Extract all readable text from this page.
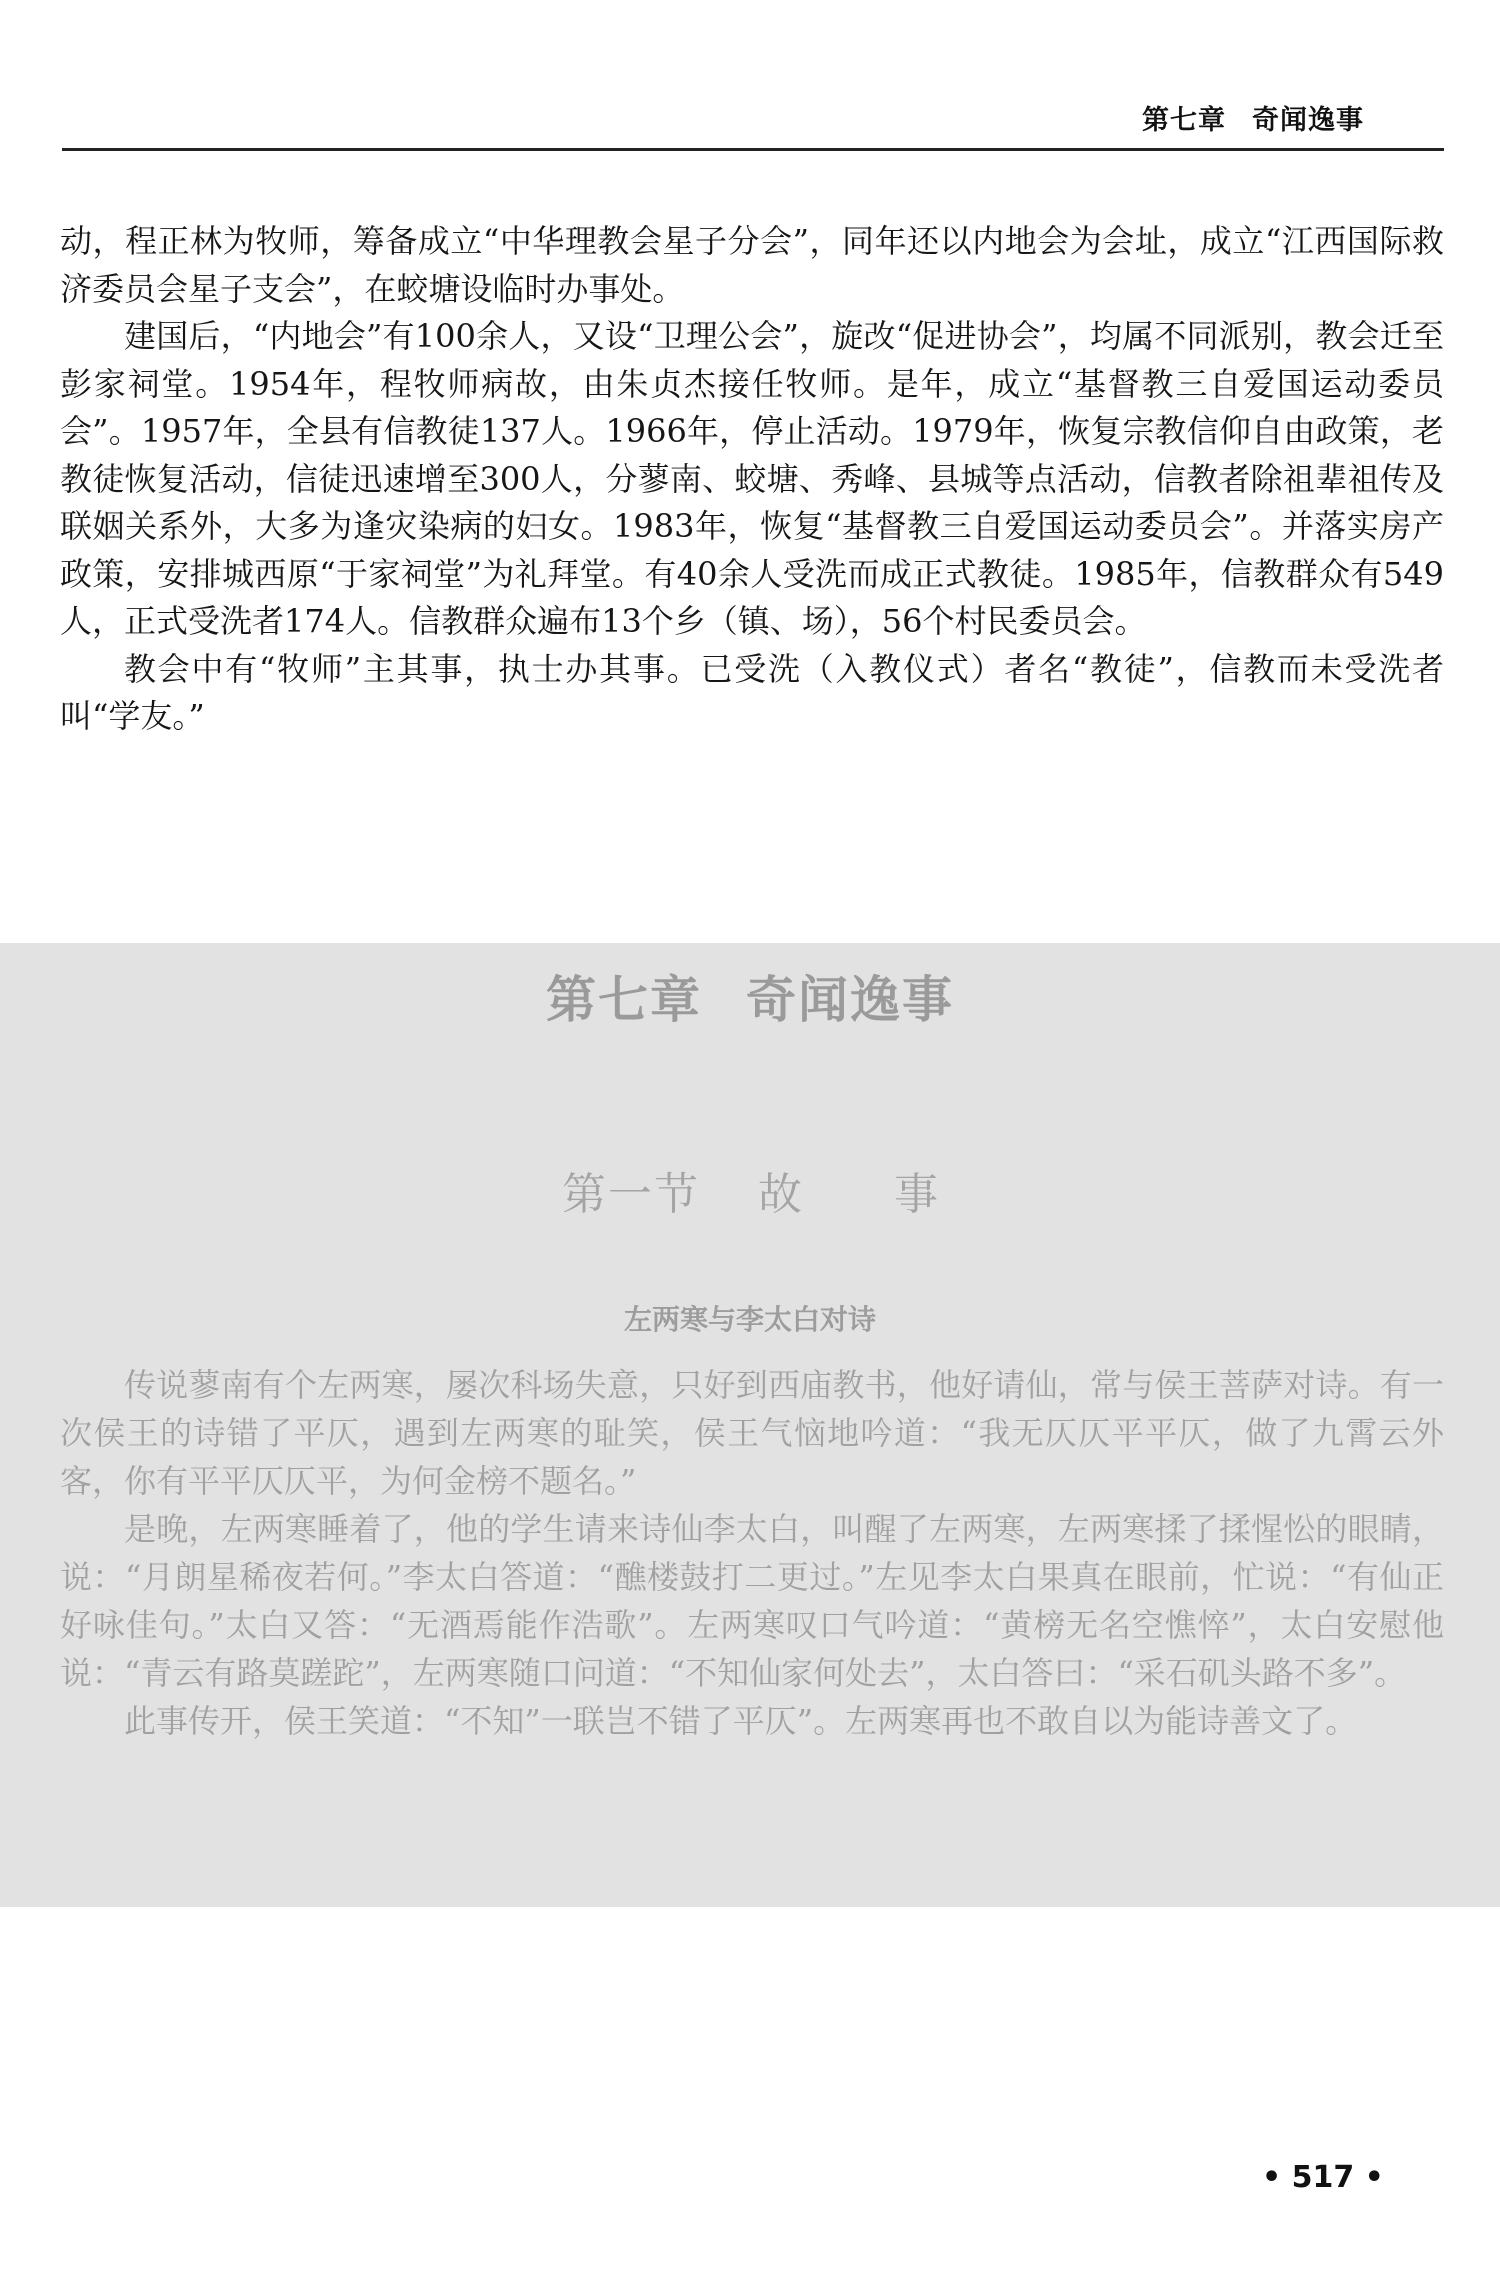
第七章 奇闻逸事

动，程正林为牧师，筹备成立“中华理教会星子分会”，同年还以内地会为会址，成立“江西国际救济委员会星子支会”，在蛟塘设临时办事处。

建国后，“内地会”有100余人，又设“卫理公会”，旋改“促进协会”，均属不同派别，教会迁至彭家祠堂。1954年，程牧师病故，由朱贞杰接任牧师。是年，成立“基督教三自爱国运动委员会”。1957年，全县有信教徒137人。1966年，停止活动。1979年，恢复宗教信仰自由政策，老教徒恢复活动，信徒迅速增至300人，分蓼南、蛟塘、秀峰、县城等点活动，信教者除祖辈祖传及联姻关系外，大多为逢灾染病的妇女。1983年，恢复“基督教三自爱国运动委员会”。并落实房产政策，安排城西原“于家祠堂”为礼拜堂。有40余人受洗而成正式教徒。1985年，信教群众有549人，正式受洗者174人。信教群众遍布13个乡（镇、场），56个村民委员会。

教会中有“牧师”主其事，执士办其事。已受洗（入教仪式）者名“教徒”，信教而未受洗者叫“学友。”

第七章 奇闻逸事
第一节 故 事
左两寒与李太白对诗

传说蓼南有个左两寒，屡次科场失意，只好到西庙教书，他好请仙，常与侯王菩萨对诗。有一次侯王的诗错了平仄，遇到左两寒的耻笑，侯王气恼地吟道：“我无仄仄平平仄，做了九霄云外客，你有平平仄仄平，为何金榜不题名。”

是晚，左两寒睡着了，他的学生请来诗仙李太白，叫醒了左两寒，左两寒揉了揉惺忪的眼睛，说：“月朗星稀夜若何。”李太白答道：“醮楼鼓打二更过。”左见李太白果真在眼前，忙说：“有仙正好咏佳句。”太白又答：“无酒焉能作浩歌”。左两寒叹口气吟道：“黄榜无名空憔悴”，太白安慰他说：“青云有路莫蹉跎”，左两寒随口问道：“不知仙家何处去”，太白答曰：“采石矶头路不多”。

此事传开，侯王笑道：“不知”一联岂不错了平仄”。左两寒再也不敢自以为能诗善文了。

• 517 •
